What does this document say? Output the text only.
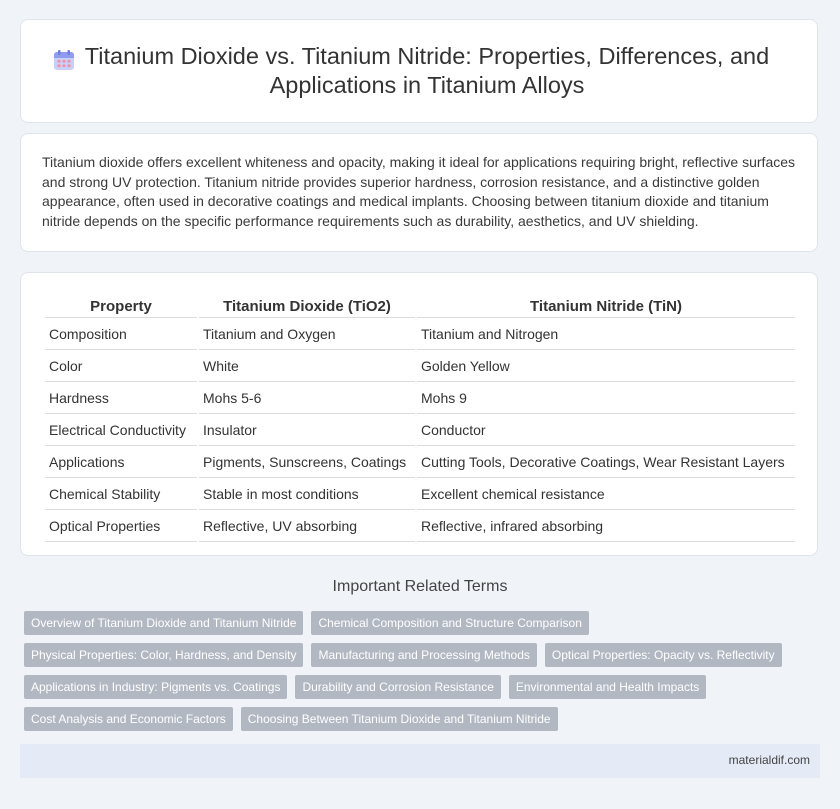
Titanium Dioxide vs. Titanium Nitride: Properties, Differences, and Applications in Titanium Alloys

Titanium dioxide offers excellent whiteness and opacity, making it ideal for applications requiring bright, reflective surfaces and strong UV protection. Titanium nitride provides superior hardness, corrosion resistance, and a distinctive golden appearance, often used in decorative coatings and medical implants. Choosing between titanium dioxide and titanium nitride depends on the specific performance requirements such as durability, aesthetics, and UV shielding.

Property	Titanium Dioxide (TiO2)	Titanium Nitride (TiN)
Composition	Titanium and Oxygen	Titanium and Nitrogen
Color	White	Golden Yellow
Hardness	Mohs 5-6	Mohs 9
Electrical Conductivity	Insulator	Conductor
Applications	Pigments, Sunscreens, Coatings	Cutting Tools, Decorative Coatings, Wear Resistant Layers
Chemical Stability	Stable in most conditions	Excellent chemical resistance
Optical Properties	Reflective, UV absorbing	Reflective, infrared absorbing
Important Related Terms
Overview of Titanium Dioxide and Titanium Nitride	Chemical Composition and Structure Comparison
Physical Properties: Color, Hardness, and Density	Manufacturing and Processing Methods	Optical Properties: Opacity vs. Reflectivity
Applications in Industry: Pigments vs. Coatings	Durability and Corrosion Resistance	Environmental and Health Impacts
Cost Analysis and Economic Factors	Choosing Between Titanium Dioxide and Titanium Nitride
materialdif.com
